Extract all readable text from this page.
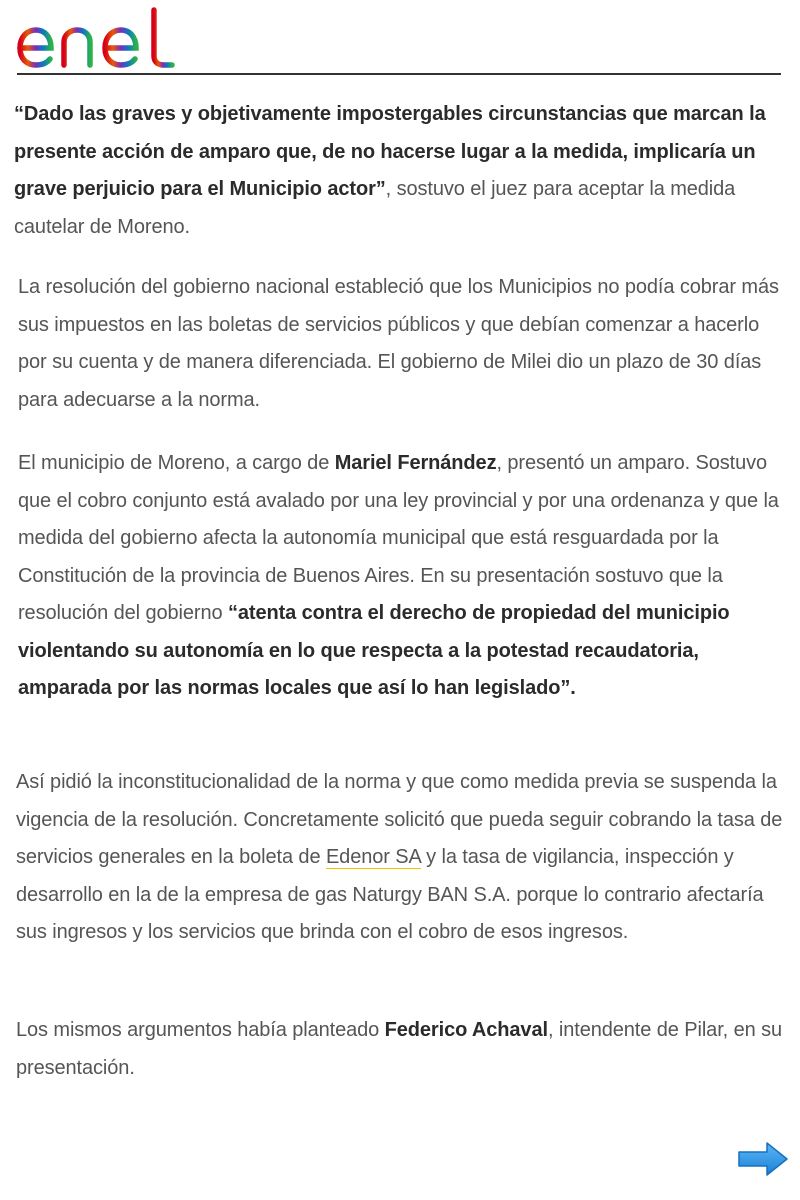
“Dado las graves y objetivamente impostergables circunstancias que marcan la presente acción de amparo que, de no hacerse lugar a la medida, implicaría un grave perjuicio para el Municipio actor”, sostuvo el juez para aceptar la medida cautelar de Moreno.

La resolución del gobierno nacional estableció que los Municipios no podía cobrar más sus impuestos en las boletas de servicios públicos y que debían comenzar a hacerlo por su cuenta y de manera diferenciada. El gobierno de Milei dio un plazo de 30 días para adecuarse a la norma.

El municipio de Moreno, a cargo de Mariel Fernández, presentó un amparo. Sostuvo que el cobro conjunto está avalado por una ley provincial y por una ordenanza y que la medida del gobierno afecta la autonomía municipal que está resguardada por la Constitución de la provincia de Buenos Aires. En su presentación sostuvo que la resolución del gobierno “atenta contra el derecho de propiedad del municipio violentando su autonomía en lo que respecta a la potestad recaudatoria, amparada por las normas locales que así lo han legislado”.

Así pidió la inconstitucionalidad de la norma y que como medida previa se suspenda la vigencia de la resolución. Concretamente solicitó que pueda seguir cobrando la tasa de servicios generales en la boleta de Edenor SA y la tasa de vigilancia, inspección y desarrollo en la de la empresa de gas Naturgy BAN S.A. porque lo contrario afectaría sus ingresos y los servicios que brinda con el cobro de esos ingresos.

Los mismos argumentos había planteado Federico Achaval, intendente de Pilar, en su presentación.
